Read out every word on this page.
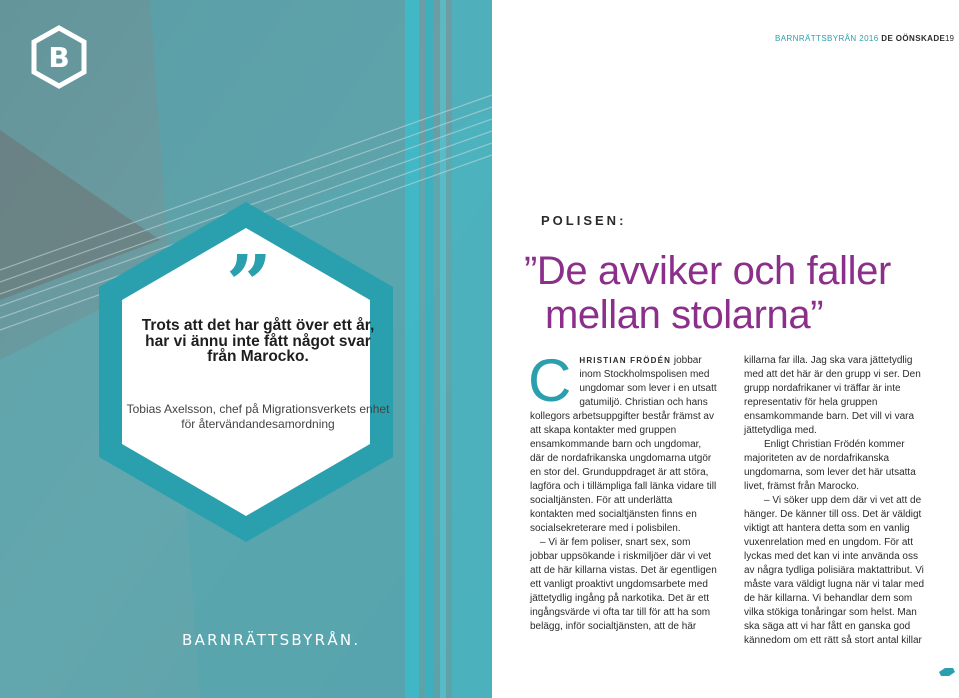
B
”
Trots att det har gått över ett år, har vi ännu inte fått något svar från Marocko.
Tobias Axelsson, chef på Migrationsverkets enhet för återvändandesamordning
BARNRÄTTSBYRÅN.
BARNRÄTTSBYRÅN 2016 DE OÖNSKADE 19
POLISEN:
”De avviker och faller
mellan stolarna”

C HRISTIAN FRÖDÉN jobbar inom Stockholmspolisen med ungdomar som lever i en utsatt gatumiljö. Christian och hans kollegors arbetsuppgifter består främst av att skapa kontakter med gruppen ensamkommande barn och ungdomar, där de nordafrikanska ungdomarna utgör en stor del. Grunduppdraget är att störa, lagföra och i tillämpliga fall länka vidare till socialtjänsten. För att underlätta kontakten med socialtjänsten finns en socialsekreterare med i polisbilen.

– Vi är fem poliser, snart sex, som jobbar uppsökande i riskmiljöer där vi vet att de här killarna vistas. Det är egentligen ett vanligt proaktivt ungdomsarbete med jättetydlig ingång på narkotika. Det är ett ingångsvärde vi ofta tar till för att ha som belägg, inför socialtjänsten, att de här

killarna far illa. Jag ska vara jättetydlig med att det här är den grupp vi ser. Den grupp nordafrikaner vi träffar är inte representativ för hela gruppen ensamkommande barn. Det vill vi vara jättetydliga med.

Enligt Christian Frödén kommer majoriteten av de nordafrikanska ungdomarna, som lever det här utsatta livet, främst från Marocko.

– Vi söker upp dem där vi vet att de hänger. De känner till oss. Det är väldigt viktigt att hantera detta som en vanlig vuxenrelation med en ungdom. För att lyckas med det kan vi inte använda oss av några tydliga polisiära maktattribut. Vi måste vara väldigt lugna när vi talar med de här killarna. Vi behandlar dem som vilka stökiga tonåringar som helst. Man ska säga att vi har fått en ganska god kännedom om ett rätt så stort antal killar
